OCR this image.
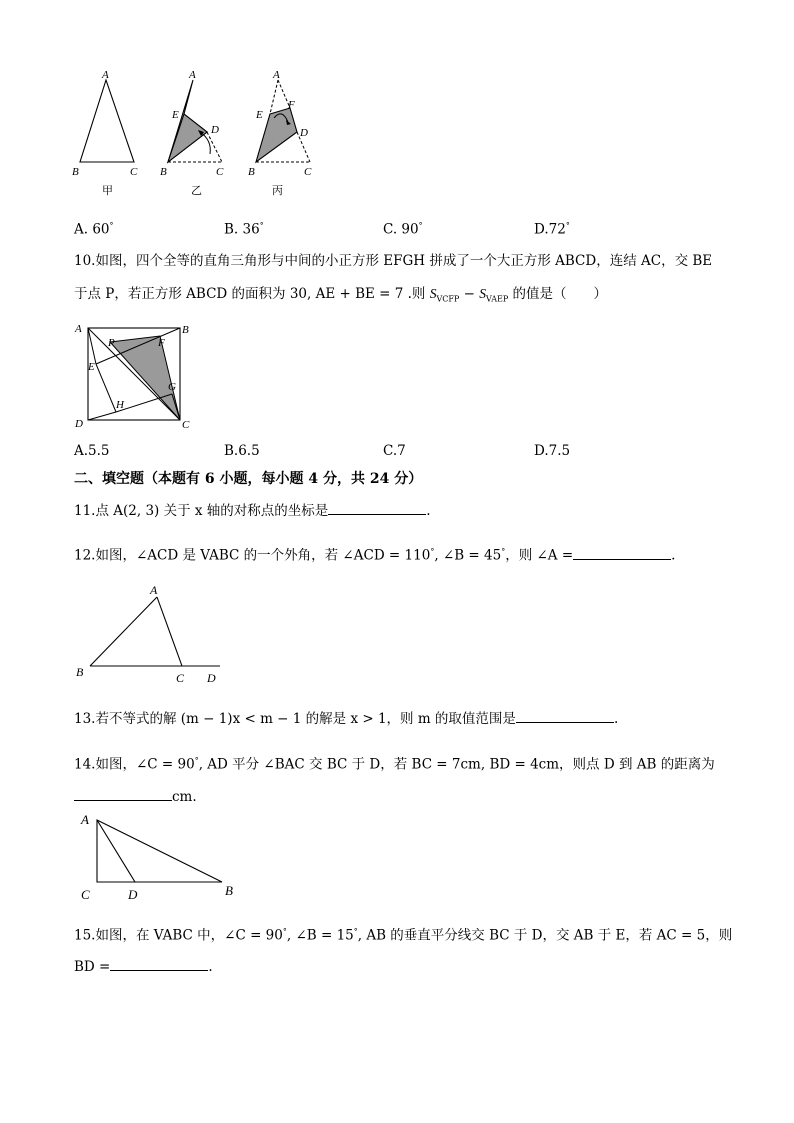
A
B	C
甲
A
E
D
B	C
乙
A
F
E
D
B	C
丙
A. 60°	B. 36°	C. 90°	D.72°
10.如图，四个全等的直角三角形与中间的小正方形 EFGH 拼成了一个大正方形 ABCD，连结 AC，交 BE
于点 P，若正方形 ABCD 的面积为 30, AE + BE = 7 .则 $S_{VCFP} - S_{VAEP}$ 的值是（　　）
A	B
C
D
E
F
G
H
P
A.5.5	B.6.5	C.7	D.7.5
二、填空题（本题有 6 小题，每小题 4 分，共 24 分）
11.点 A(2, 3) 关于 x 轴的对称点的坐标是	.
12.如图，∠ACD 是 VABC 的一个外角，若 ∠ACD = 110°, ∠B = 45°，则 ∠A =	.
A
B	C D
13.若不等式的解 (m − 1)x < m − 1 的解是 x > 1，则 m 的取值范围是	.
14.如图，∠C = 90°, AD 平分 ∠BAC 交 BC 于 D，若 BC = 7cm, BD = 4cm，则点 D 到 AB 的距离为
cm.
A
C	D	B
15.如图，在 VABC 中，∠C = 90°, ∠B = 15°, AB 的垂直平分线交 BC 于 D，交 AB 于 E，若 AC = 5，则
BD =	.
